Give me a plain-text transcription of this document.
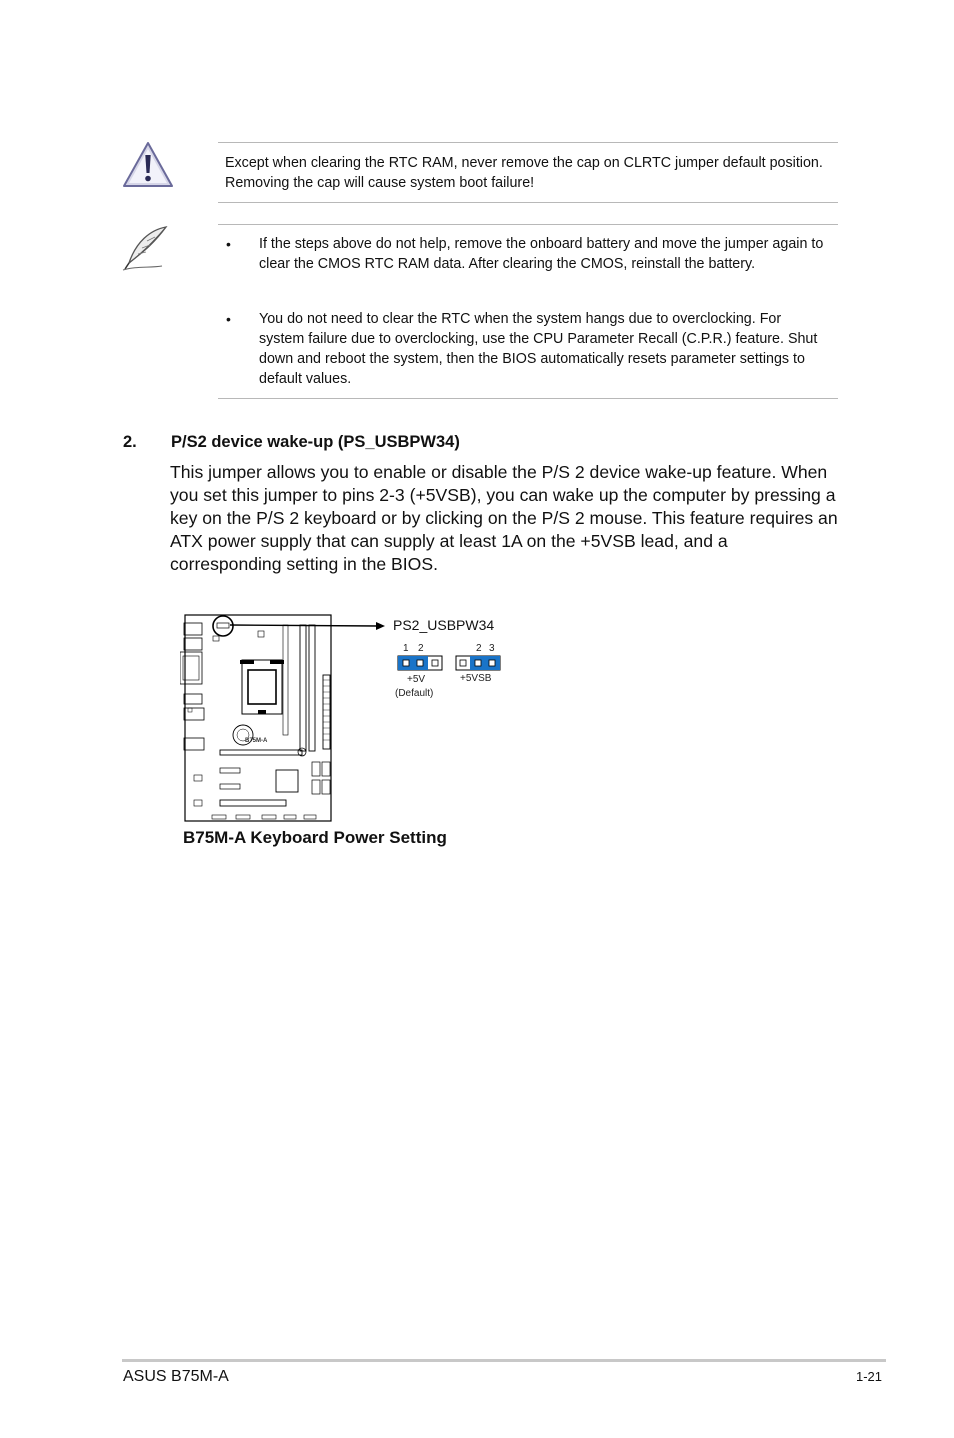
Except when clearing the RTC RAM, never remove the cap on CLRTC jumper default position. Removing the cap will cause system boot failure!
• If the steps above do not help, remove the onboard battery and move the jumper again to clear the CMOS RTC RAM data. After clearing the CMOS, reinstall the battery.
• You do not need to clear the RTC when the system hangs due to overclocking. For system failure due to overclocking, use the CPU Parameter Recall (C.P.R.) feature. Shut down and reboot the system, then the BIOS automatically resets parameter settings to default values.
2. P/S2 device wake-up (PS_USBPW34)
This jumper allows you to enable or disable the P/S 2 device wake-up feature. When you set this jumper to pins 2-3 (+5VSB), you can wake up the computer by pressing a key on the P/S 2 keyboard or by clicking on the P/S 2 mouse. This feature requires an ATX power supply that can supply at least 1A on the +5VSB lead, and a corresponding setting in the BIOS.
B75M-A
PS2_USBPW34
1 2
+5V
(Default)
2 3
+5VSB
B75M-A Keyboard Power Setting
ASUS B75M-A	1-21
